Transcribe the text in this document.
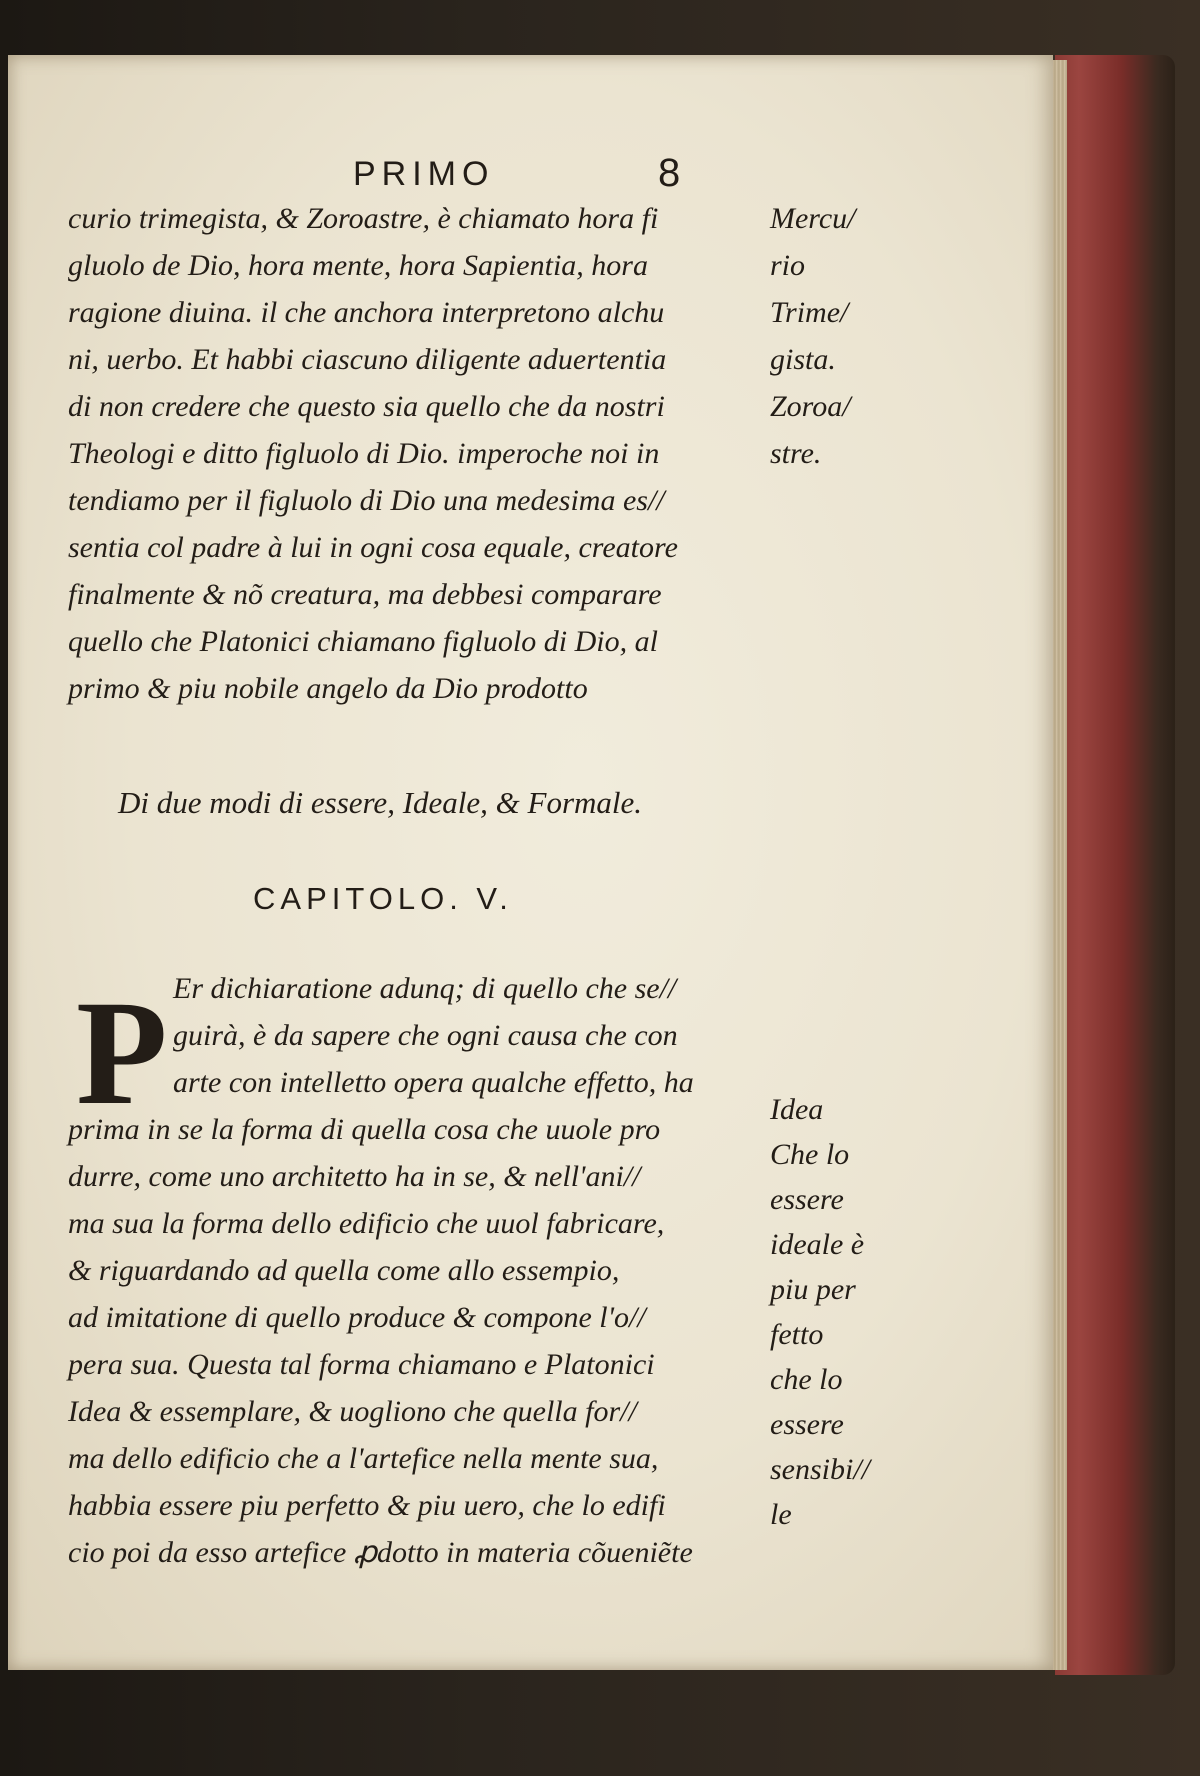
PRIMO	8
curio trimegista, & Zoroastre, è chiamato hora fi
gluolo de Dio, hora mente, hora Sapientia, hora
ragione diuina. il che anchora interpretono alchu
ni, uerbo. Et habbi ciascuno diligente aduertentia
di non credere che questo sia quello che da nostri
Theologi e ditto figluolo di Dio. imperoche noi in
tendiamo per il figluolo di Dio una medesima es//
sentia col padre à lui in ogni cosa equale, creatore
finalmente & nõ creatura, ma debbesi comparare
quello che Platonici chiamano figluolo di Dio, al
primo & piu nobile angelo da Dio prodotto
Mercu/
rio
Trime/
gista.
Zoroa/
stre.
Di due modi di essere, Ideale, & Formale.
CAPITOLO. V.
P Er dichiaratione adunq; di quello che se//
guirà, è da sapere che ogni causa che con
arte con intelletto opera qualche effetto, ha
prima in se la forma di quella cosa che uuole pro
durre, come uno architetto ha in se, & nell'ani//
ma sua la forma dello edificio che uuol fabricare,
& riguardando ad quella come allo essempio,
ad imitatione di quello produce & compone l'o//
pera sua. Questa tal forma chiamano e Platonici
Idea & essemplare, & uogliono che quella for//
ma dello edificio che a l'artefice nella mente sua,
habbia essere piu perfetto & piu uero, che lo edifi
cio poi da esso artefice ꝓdotto in materia cõueniẽte
Idea
Che lo
essere
ideale è
piu per
fetto
che lo
essere
sensibi//
le
